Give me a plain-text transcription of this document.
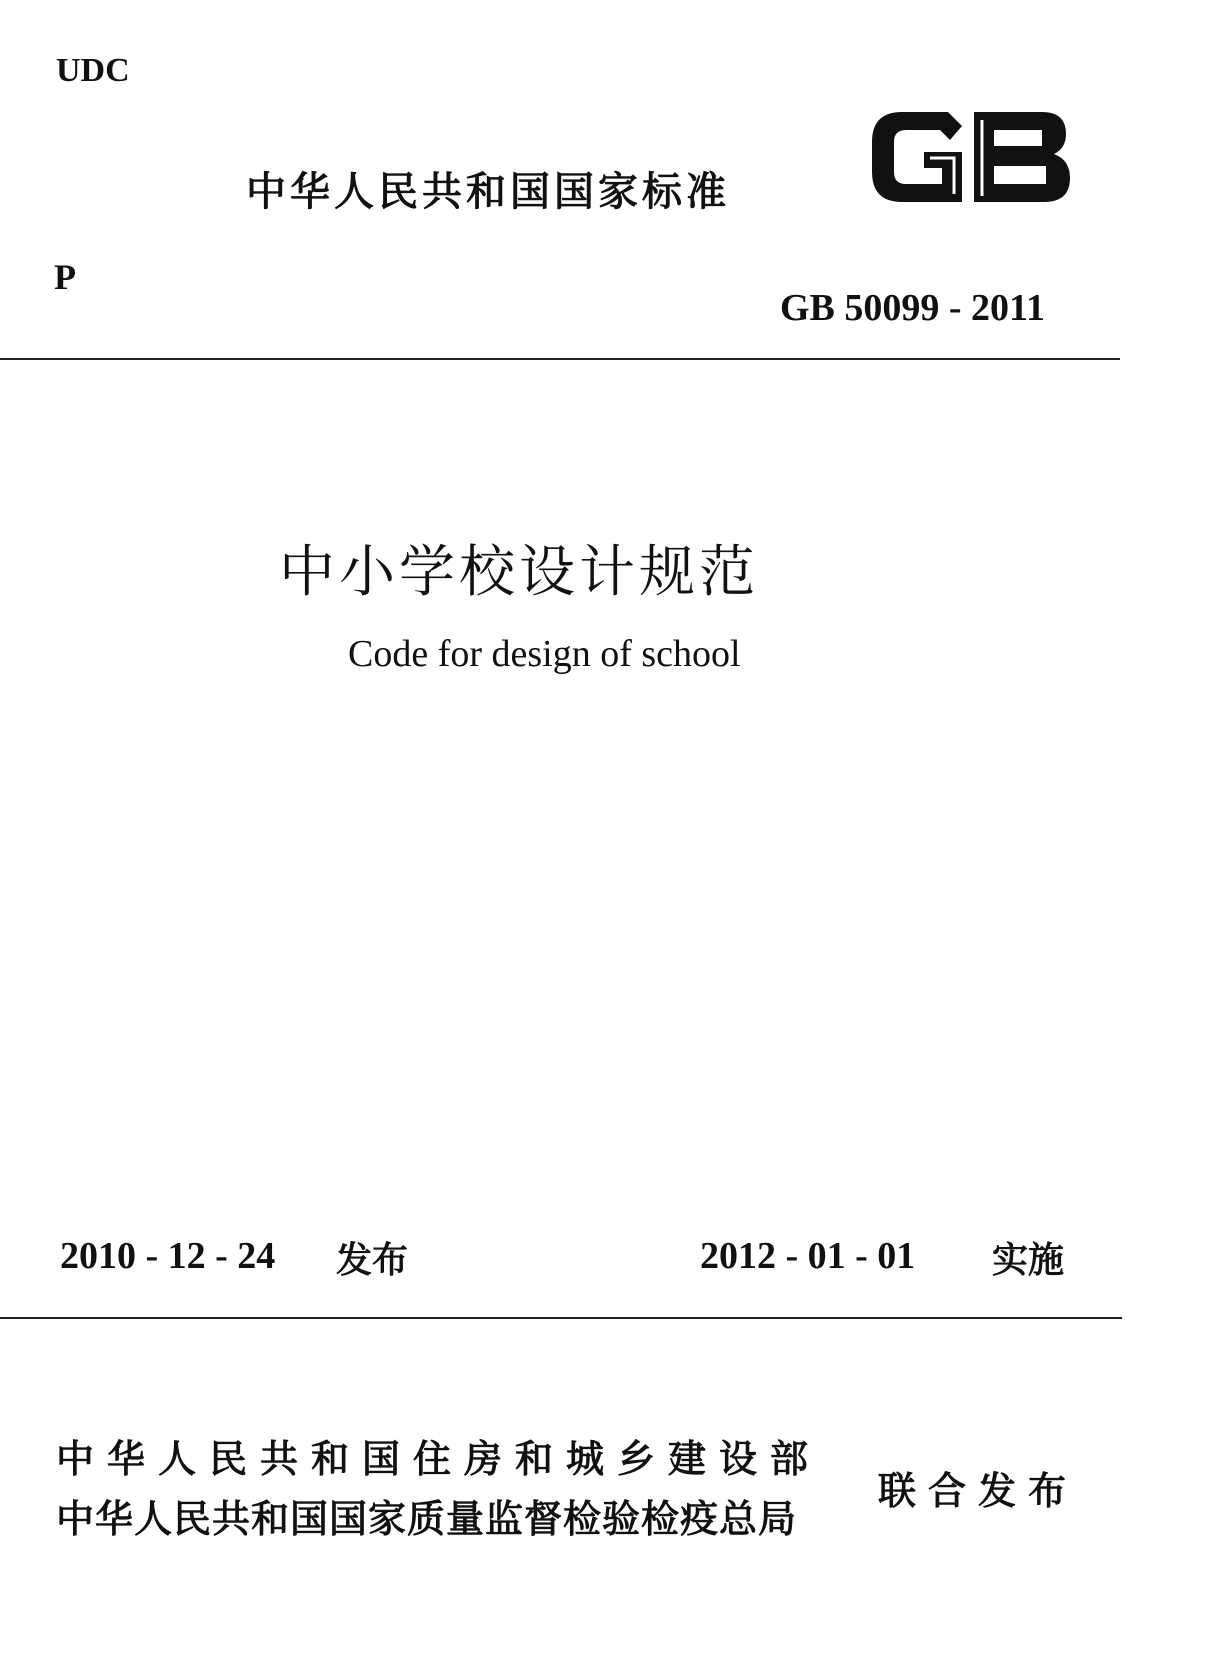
UDC
中华人民共和国国家标准
P
GB 50099 - 2011
中小学校设计规范
Code for design of school
2010 - 12 - 24 发布	2012 - 01 - 01 实施
中华人民共和国住房和城乡建设部
中华人民共和国国家质量监督检验检疫总局
联合发布
